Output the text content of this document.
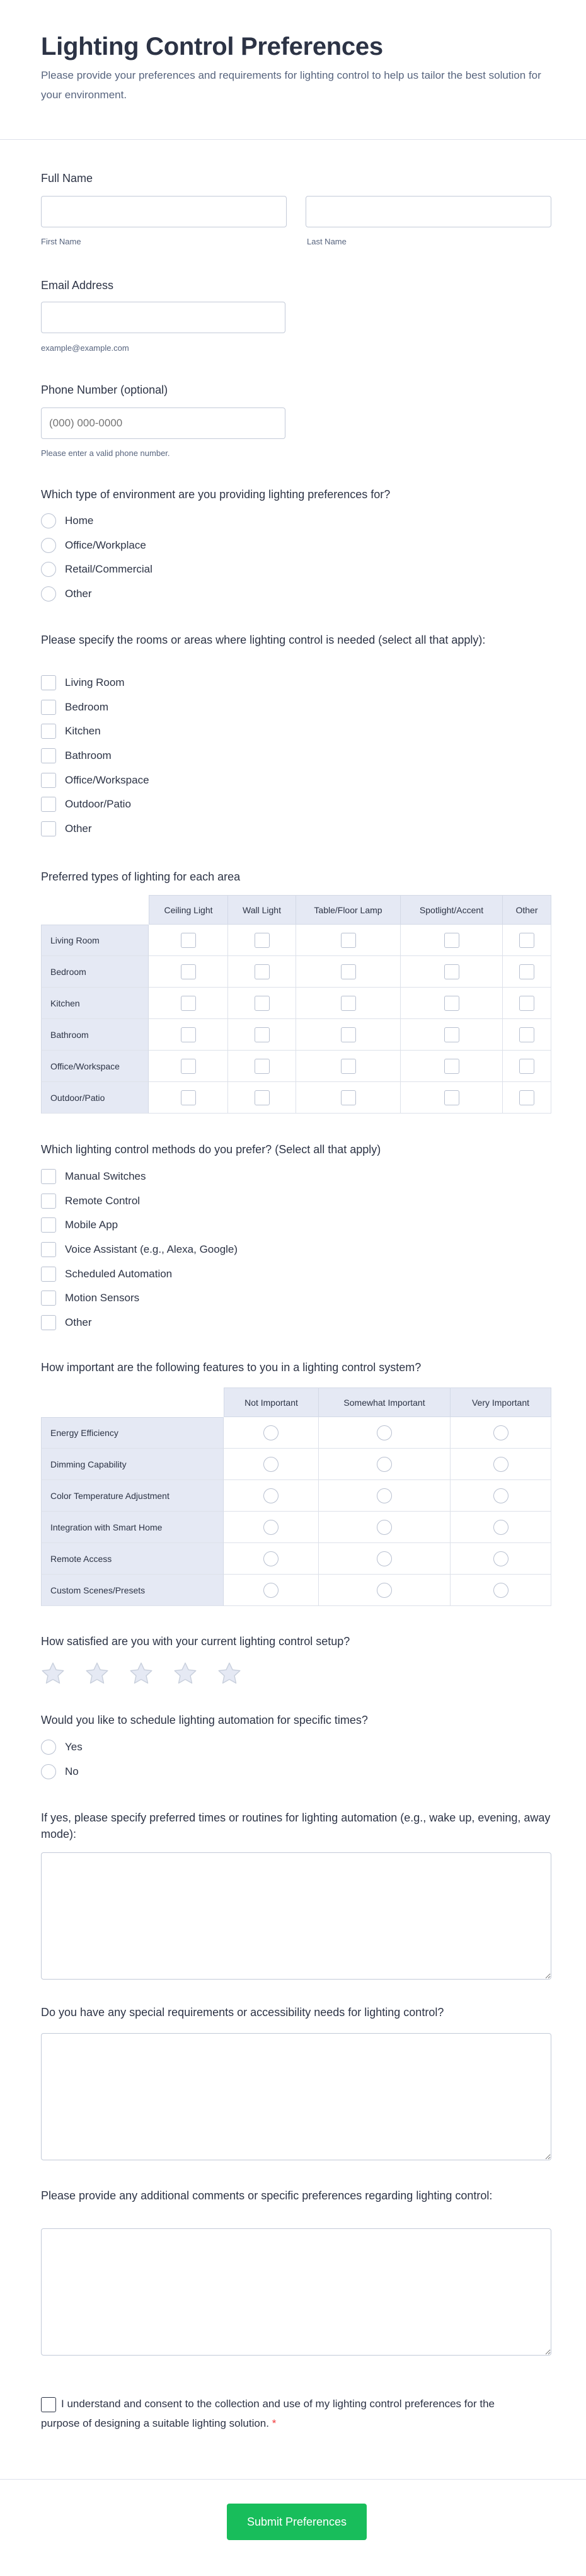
Lighting Control Preferences

Please provide your preferences and requirements for lighting control to help us tailor the best solution for your environment.

Full Name
First Name	Last Name
Email Address
example@example.com
Phone Number (optional)
(000) 000-0000
Please enter a valid phone number.
Which type of environment are you providing lighting preferences for?
Home
Office/Workplace
Retail/Commercial
Other
Please specify the rooms or areas where lighting control is needed (select all that apply):
Living Room
Bedroom
Kitchen
Bathroom
Office/Workspace
Outdoor/Patio
Other
Preferred types of lighting for each area
	Ceiling Light	Wall Light	Table/Floor Lamp	Spotlight/Accent	Other
Living Room					
Bedroom					
Kitchen					
Bathroom					
Office/Workspace					
Outdoor/Patio					
Which lighting control methods do you prefer? (Select all that apply)
Manual Switches
Remote Control
Mobile App
Voice Assistant (e.g., Alexa, Google)
Scheduled Automation
Motion Sensors
Other
How important are the following features to you in a lighting control system?
	Not Important	Somewhat Important	Very Important
Energy Efficiency			
Dimming Capability			
Color Temperature Adjustment			
Integration with Smart Home			
Remote Access			
Custom Scenes/Presets			
How satisfied are you with your current lighting control setup?
Would you like to schedule lighting automation for specific times?
Yes
No
If yes, please specify preferred times or routines for lighting automation (e.g., wake up, evening, away mode):
Do you have any special requirements or accessibility needs for lighting control?
Please provide any additional comments or specific preferences regarding lighting control:
I understand and consent to the collection and use of my lighting control preferences for the purpose of designing a suitable lighting solution. *
Submit Preferences
